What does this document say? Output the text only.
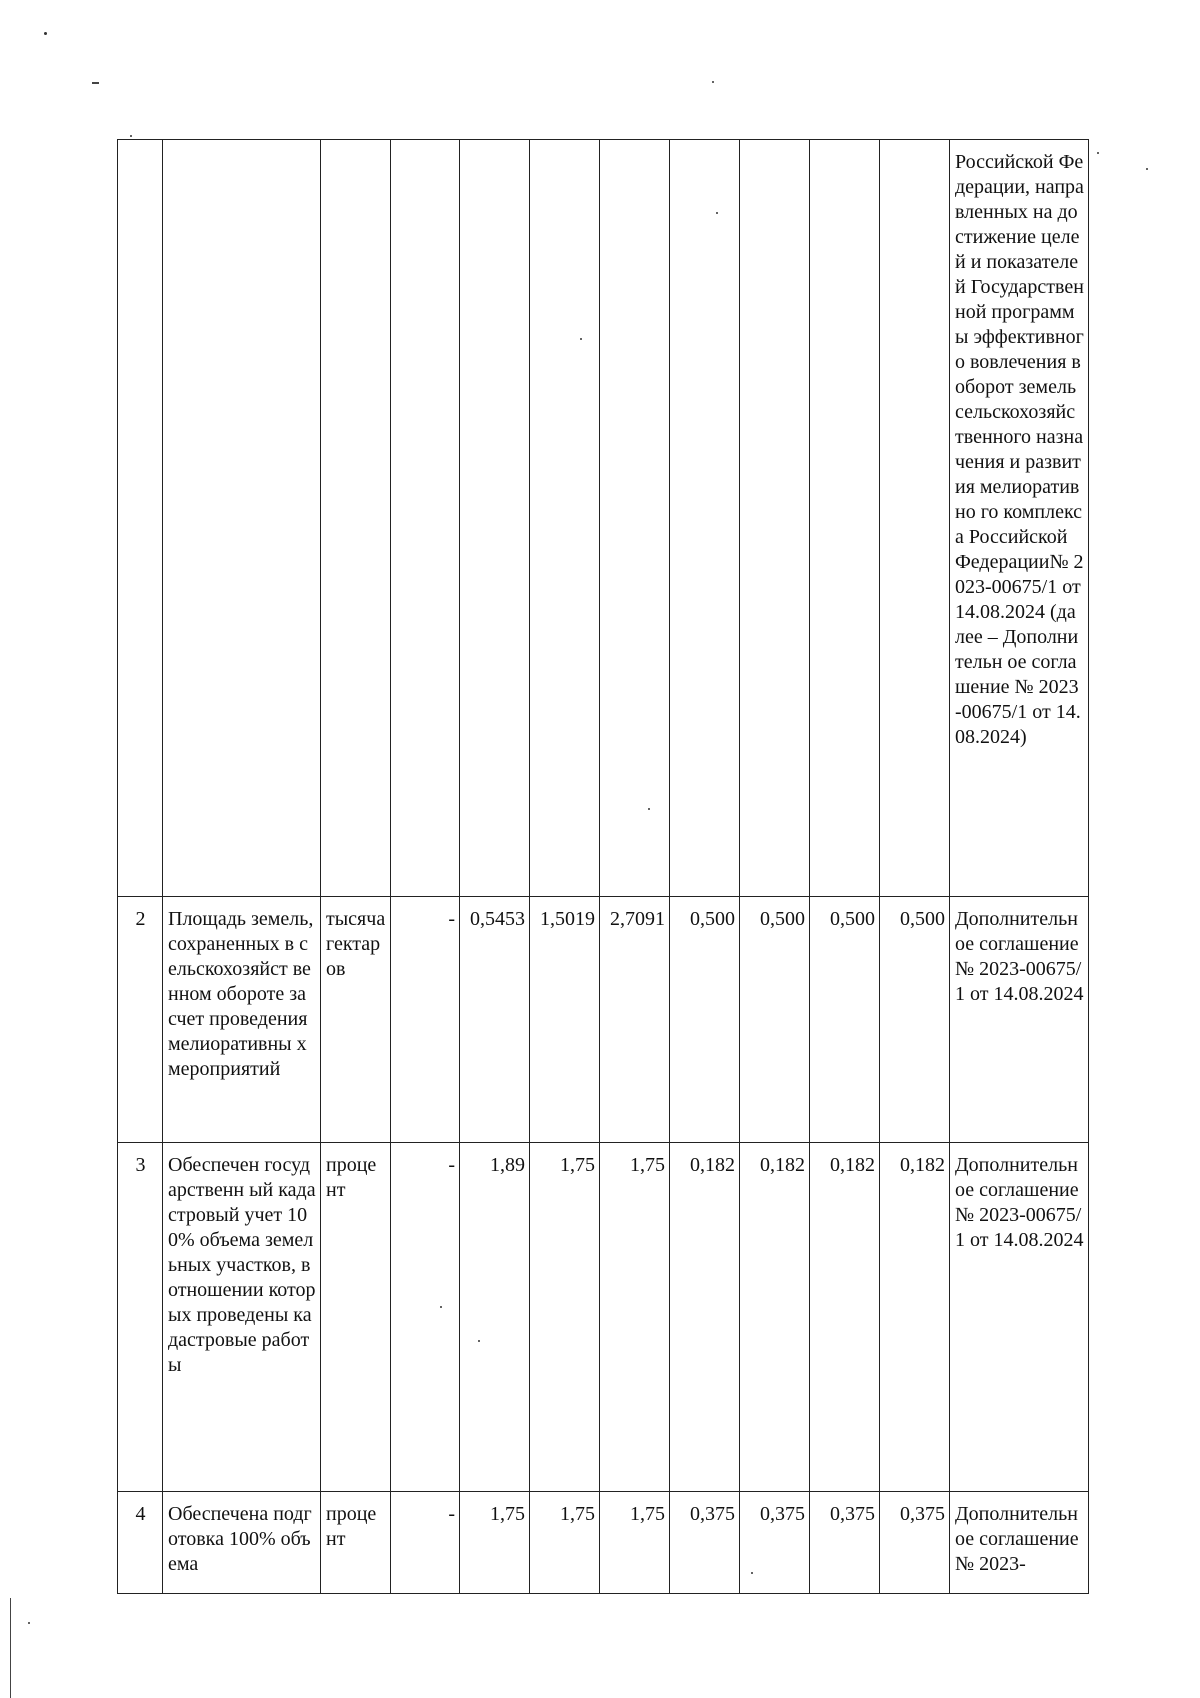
											Российской Федерации, направленных на достижение целей и показателей Государствен ной программы эффективного вовлечения в оборот земель сельскохозяйс твенного назначения и развития мелиоративно го комплекса Российской Федерации№ 2023-00675/1 от 14.08.2024 (далее – Дополнительн ое соглашение № 2023-00675/1 от 14.08.2024)
2	Площадь земель, сохраненных в сельскохозяйст венном обороте за счет проведения мелиоративны х мероприятий	тысяча гектаров	-	0,5453	1,5019	2,7091	0,500	0,500	0,500	0,500	Дополнительн ое соглашение № 2023-00675/1 от 14.08.2024
3	Обеспечен государственн ый кадастровый учет 100% объема земельных участков, в отношении которых проведены кадастровые работы	процент	-	1,89	1,75	1,75	0,182	0,182	0,182	0,182	Дополнительн ое соглашение № 2023-00675/1 от 14.08.2024
4	Обеспечена подготовка 100% объема	процент	-	1,75	1,75	1,75	0,375	0,375	0,375	0,375	Дополнительн ое соглашение № 2023-
